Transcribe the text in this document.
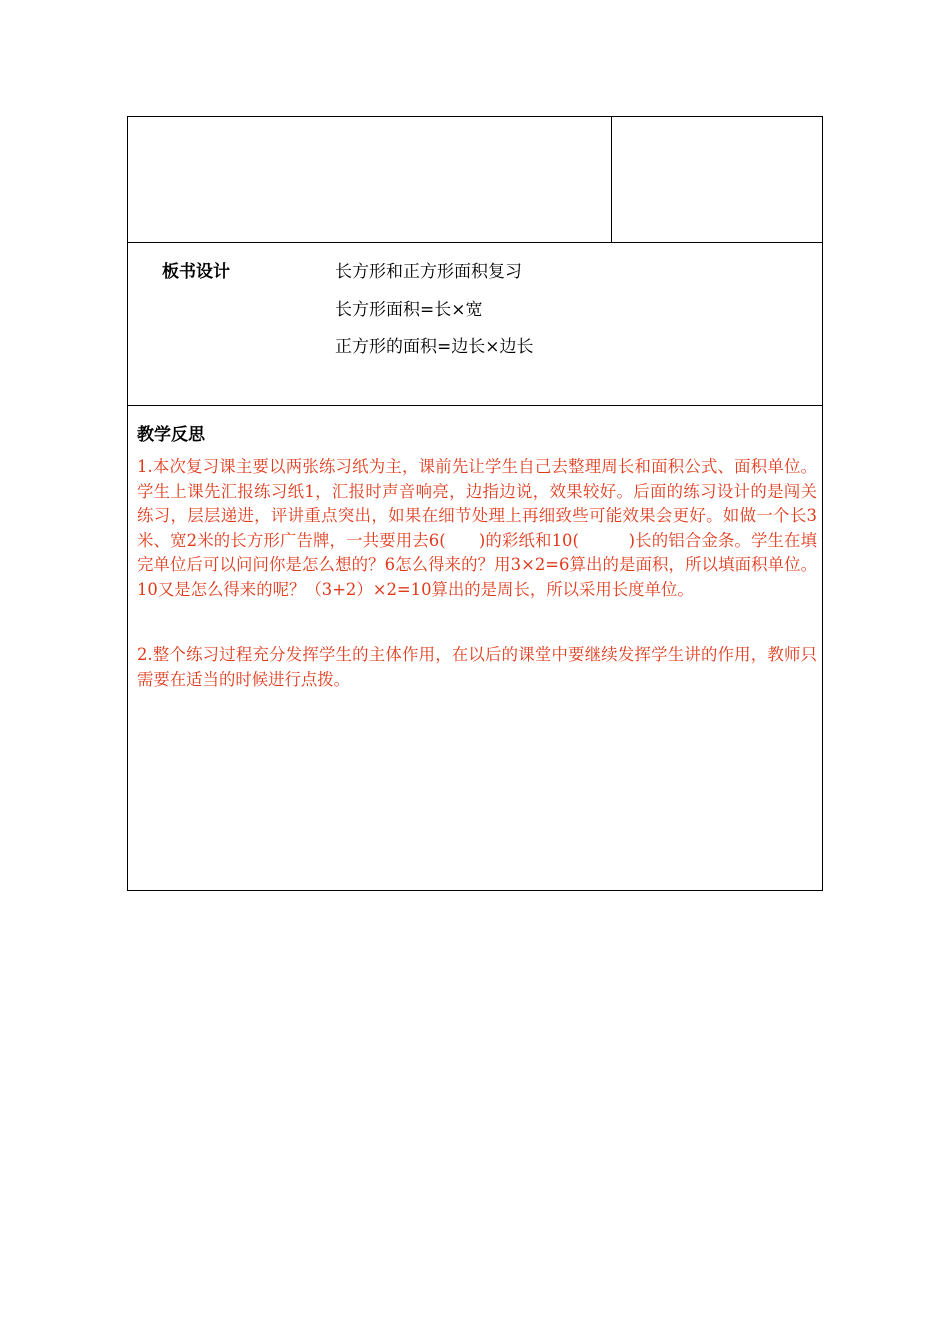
板书设计	长方形和正方形面积复习
长方形面积=长×宽
正方形的面积=边长×边长
教学反思
1.本次复习课主要以两张练习纸为主，课前先让学生自己去整理周长和面积公式、面积单位。学生上课先汇报练习纸1，汇报时声音响亮，边指边说，效果较好。后面的练习设计的是闯关练习，层层递进，评讲重点突出，如果在细节处理上再细致些可能效果会更好。如做一个长3米、宽2米的长方形广告牌，一共要用去6(　　)的彩纸和10(　　　)长的铝合金条。学生在填完单位后可以问问你是怎么想的？6怎么得来的？用3×2=6算出的是面积，所以填面积单位。10又是怎么得来的呢？（3+2）×2=10算出的是周长，所以采用长度单位。
2.整个练习过程充分发挥学生的主体作用，在以后的课堂中要继续发挥学生讲的作用，教师只需要在适当的时候进行点拨。
